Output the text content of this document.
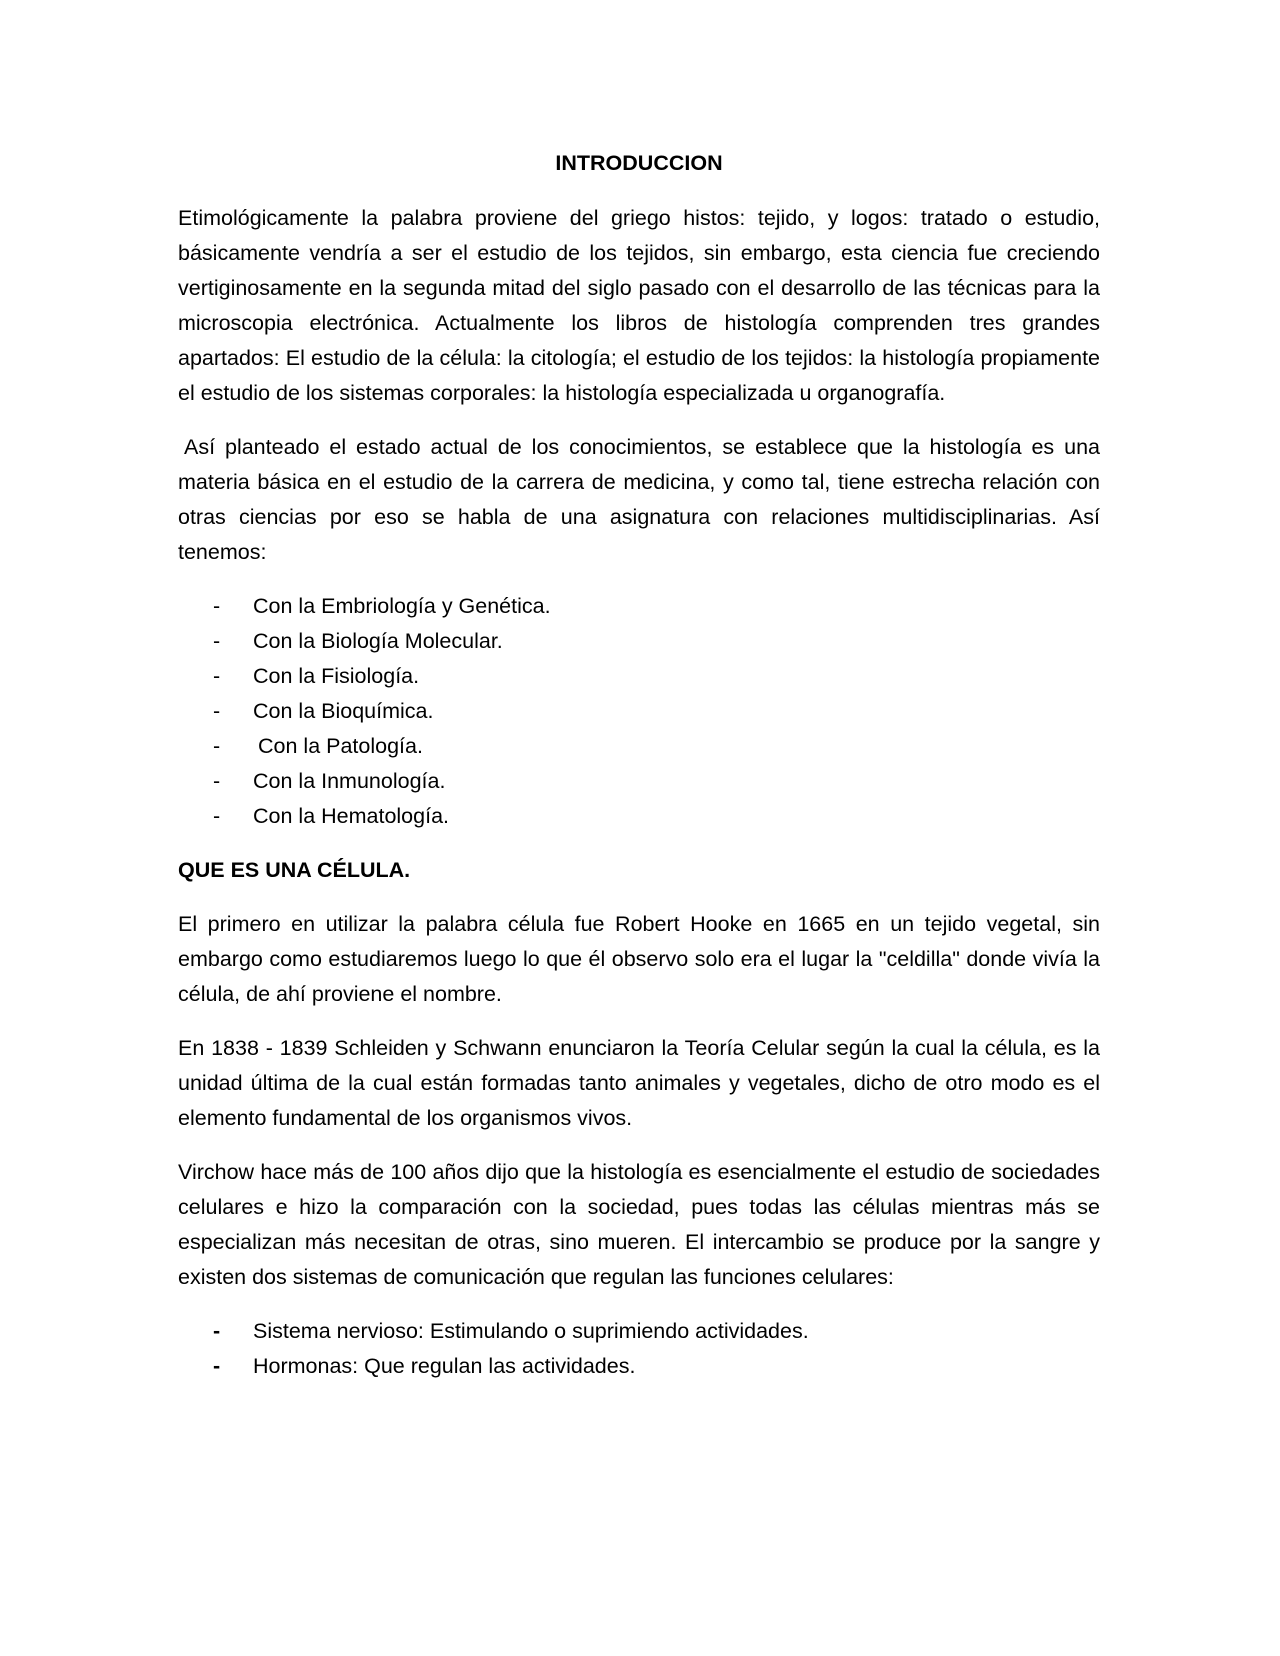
INTRODUCCION

Etimológicamente la palabra proviene del griego histos: tejido, y logos: tratado o estudio, básicamente vendría a ser el estudio de los tejidos, sin embargo, esta ciencia fue creciendo vertiginosamente en la segunda mitad del siglo pasado con el desarrollo de las técnicas para la microscopia electrónica. Actualmente los libros de histología comprenden tres grandes apartados: El estudio de la célula: la citología; el estudio de los tejidos: la histología propiamente el estudio de los sistemas corporales: la histología especializada u organografía.

Así planteado el estado actual de los conocimientos, se establece que la histología es una materia básica en el estudio de la carrera de medicina, y como tal, tiene estrecha relación con otras ciencias por eso se habla de una asignatura con relaciones multidisciplinarias. Así tenemos:

- Con la Embriología y Genética.
- Con la Biología Molecular.
- Con la Fisiología.
- Con la Bioquímica.
- Con la Patología.
- Con la Inmunología.
- Con la Hematología.
QUE ES UNA CÉLULA.

El primero en utilizar la palabra célula fue Robert Hooke en 1665 en un tejido vegetal, sin embargo como estudiaremos luego lo que él observo solo era el lugar la "celdilla" donde vivía la célula, de ahí proviene el nombre.

En 1838 - 1839 Schleiden y Schwann enunciaron la Teoría Celular según la cual la célula, es la unidad última de la cual están formadas tanto animales y vegetales, dicho de otro modo es el elemento fundamental de los organismos vivos.

Virchow hace más de 100 años dijo que la histología es esencialmente el estudio de sociedades celulares e hizo la comparación con la sociedad, pues todas las células mientras más se especializan más necesitan de otras, sino mueren. El intercambio se produce por la sangre y existen dos sistemas de comunicación que regulan las funciones celulares:

- Sistema nervioso: Estimulando o suprimiendo actividades.
- Hormonas: Que regulan las actividades.
